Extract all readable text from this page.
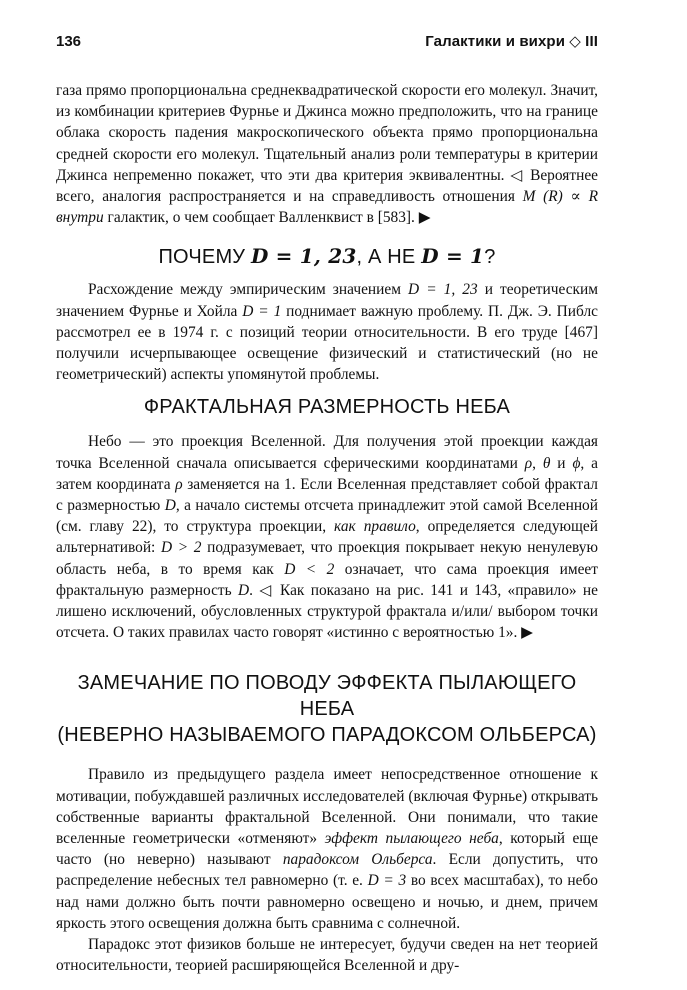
136	Галактики и вихри ◇ III

газа прямо пропорциональна среднеквадратической скорости его молекул. Значит, из комбинации критериев Фурнье и Джинса можно предположить, что на границе облака скорость падения макроскопического объекта прямо пропорциональна средней скорости его молекул. Тщательный анализ роли температуры в критерии Джинса непременно покажет, что эти два критерия эквивалентны. ◁ Вероятнее всего, аналогия распространяется и на справедливость отношения M (R) ∝ R внутри галактик, о чем сообщает Валленквист в [583]. ▶

ПОЧЕМУ D = 1, 23, А НЕ D = 1?

Расхождение между эмпирическим значением D = 1, 23 и теоретическим значением Фурнье и Хойла D = 1 поднимает важную проблему. П. Дж. Э. Пиблс рассмотрел ее в 1974 г. с позиций теории относительности. В его труде [467] получили исчерпывающее освещение физический и статистический (но не геометрический) аспекты упомянутой проблемы.

ФРАКТАЛЬНАЯ РАЗМЕРНОСТЬ НЕБА

Небо — это проекция Вселенной. Для получения этой проекции каждая точка Вселенной сначала описывается сферическими координатами ρ, θ и ϕ, а затем координата ρ заменяется на 1. Если Вселенная представляет собой фрактал с размерностью D, а начало системы отсчета принадлежит этой самой Вселенной (см. главу 22), то структура проекции, как правило, определяется следующей альтернативой: D > 2 подразумевает, что проекция покрывает некую ненулевую область неба, в то время как D < 2 означает, что сама проекция имеет фрактальную размерность D. ◁ Как показано на рис. 141 и 143, «правило» не лишено исключений, обусловленных структурой фрактала и/или/ выбором точки отсчета. О таких правилах часто говорят «истинно с вероятностью 1». ▶

ЗАМЕЧАНИЕ ПО ПОВОДУ ЭФФЕКТА ПЫЛАЮЩЕГО НЕБА
(НЕВЕРНО НАЗЫВАЕМОГО ПАРАДОКСОМ ОЛЬБЕРСА)

Правило из предыдущего раздела имеет непосредственное отношение к мотивации, побуждавшей различных исследователей (включая Фурнье) открывать собственные варианты фрактальной Вселенной. Они понимали, что такие вселенные геометрически «отменяют» эффект пылающего неба, который еще часто (но неверно) называют парадоксом Ольберса. Если допустить, что распределение небесных тел равномерно (т. е. D = 3 во всех масштабах), то небо над нами должно быть почти равномерно освещено и ночью, и днем, причем яркость этого освещения должна быть сравнима с солнечной.

Парадокс этот физиков больше не интересует, будучи сведен на нет теорией относительности, теорией расширяющейся Вселенной и дру-
